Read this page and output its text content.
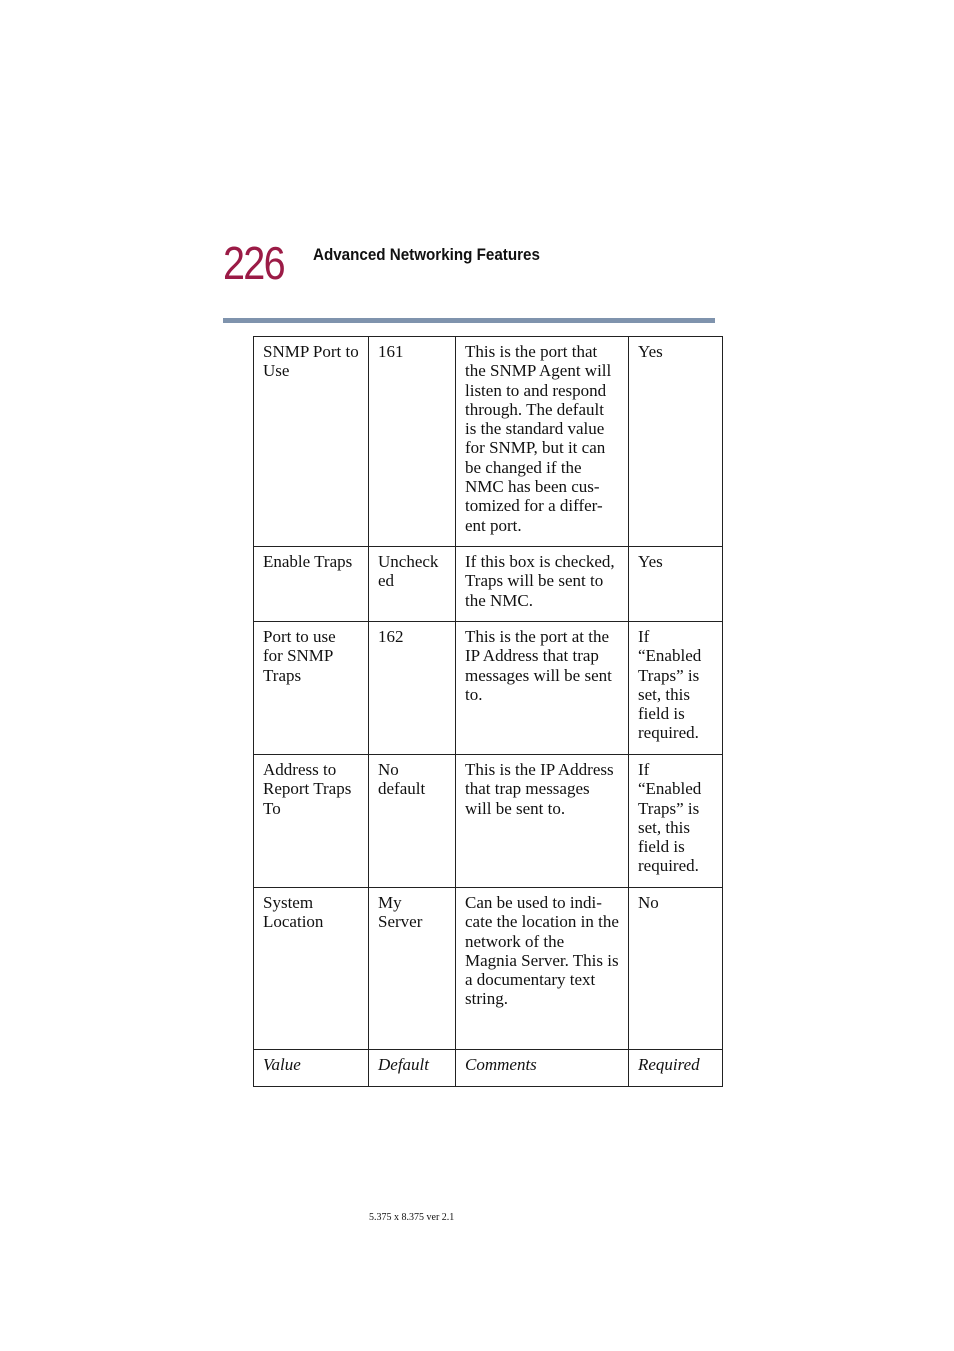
226 Advanced Networking Features
SNMP Port to Use	161	This is the port that the SNMP Agent will listen to and respond through. The default is the standard value for SNMP, but it can be changed if the NMC has been cus-tomized for a differ-ent port.	Yes
Enable Traps	Uncheck ed	If this box is checked, Traps will be sent to the NMC.	Yes
Port to use for SNMP Traps	162	This is the port at the IP Address that trap messages will be sent to.	If “Enabled Traps” is set, this field is required.
Address to Report Traps To	No default	This is the IP Address that trap messages will be sent to.	If “Enabled Traps” is set, this field is required.
System Location	My Server	Can be used to indi-cate the location in the network of the Magnia Server. This is a documentary text string.	No
Value	Default	Comments	Required
5.375 x 8.375 ver 2.1
